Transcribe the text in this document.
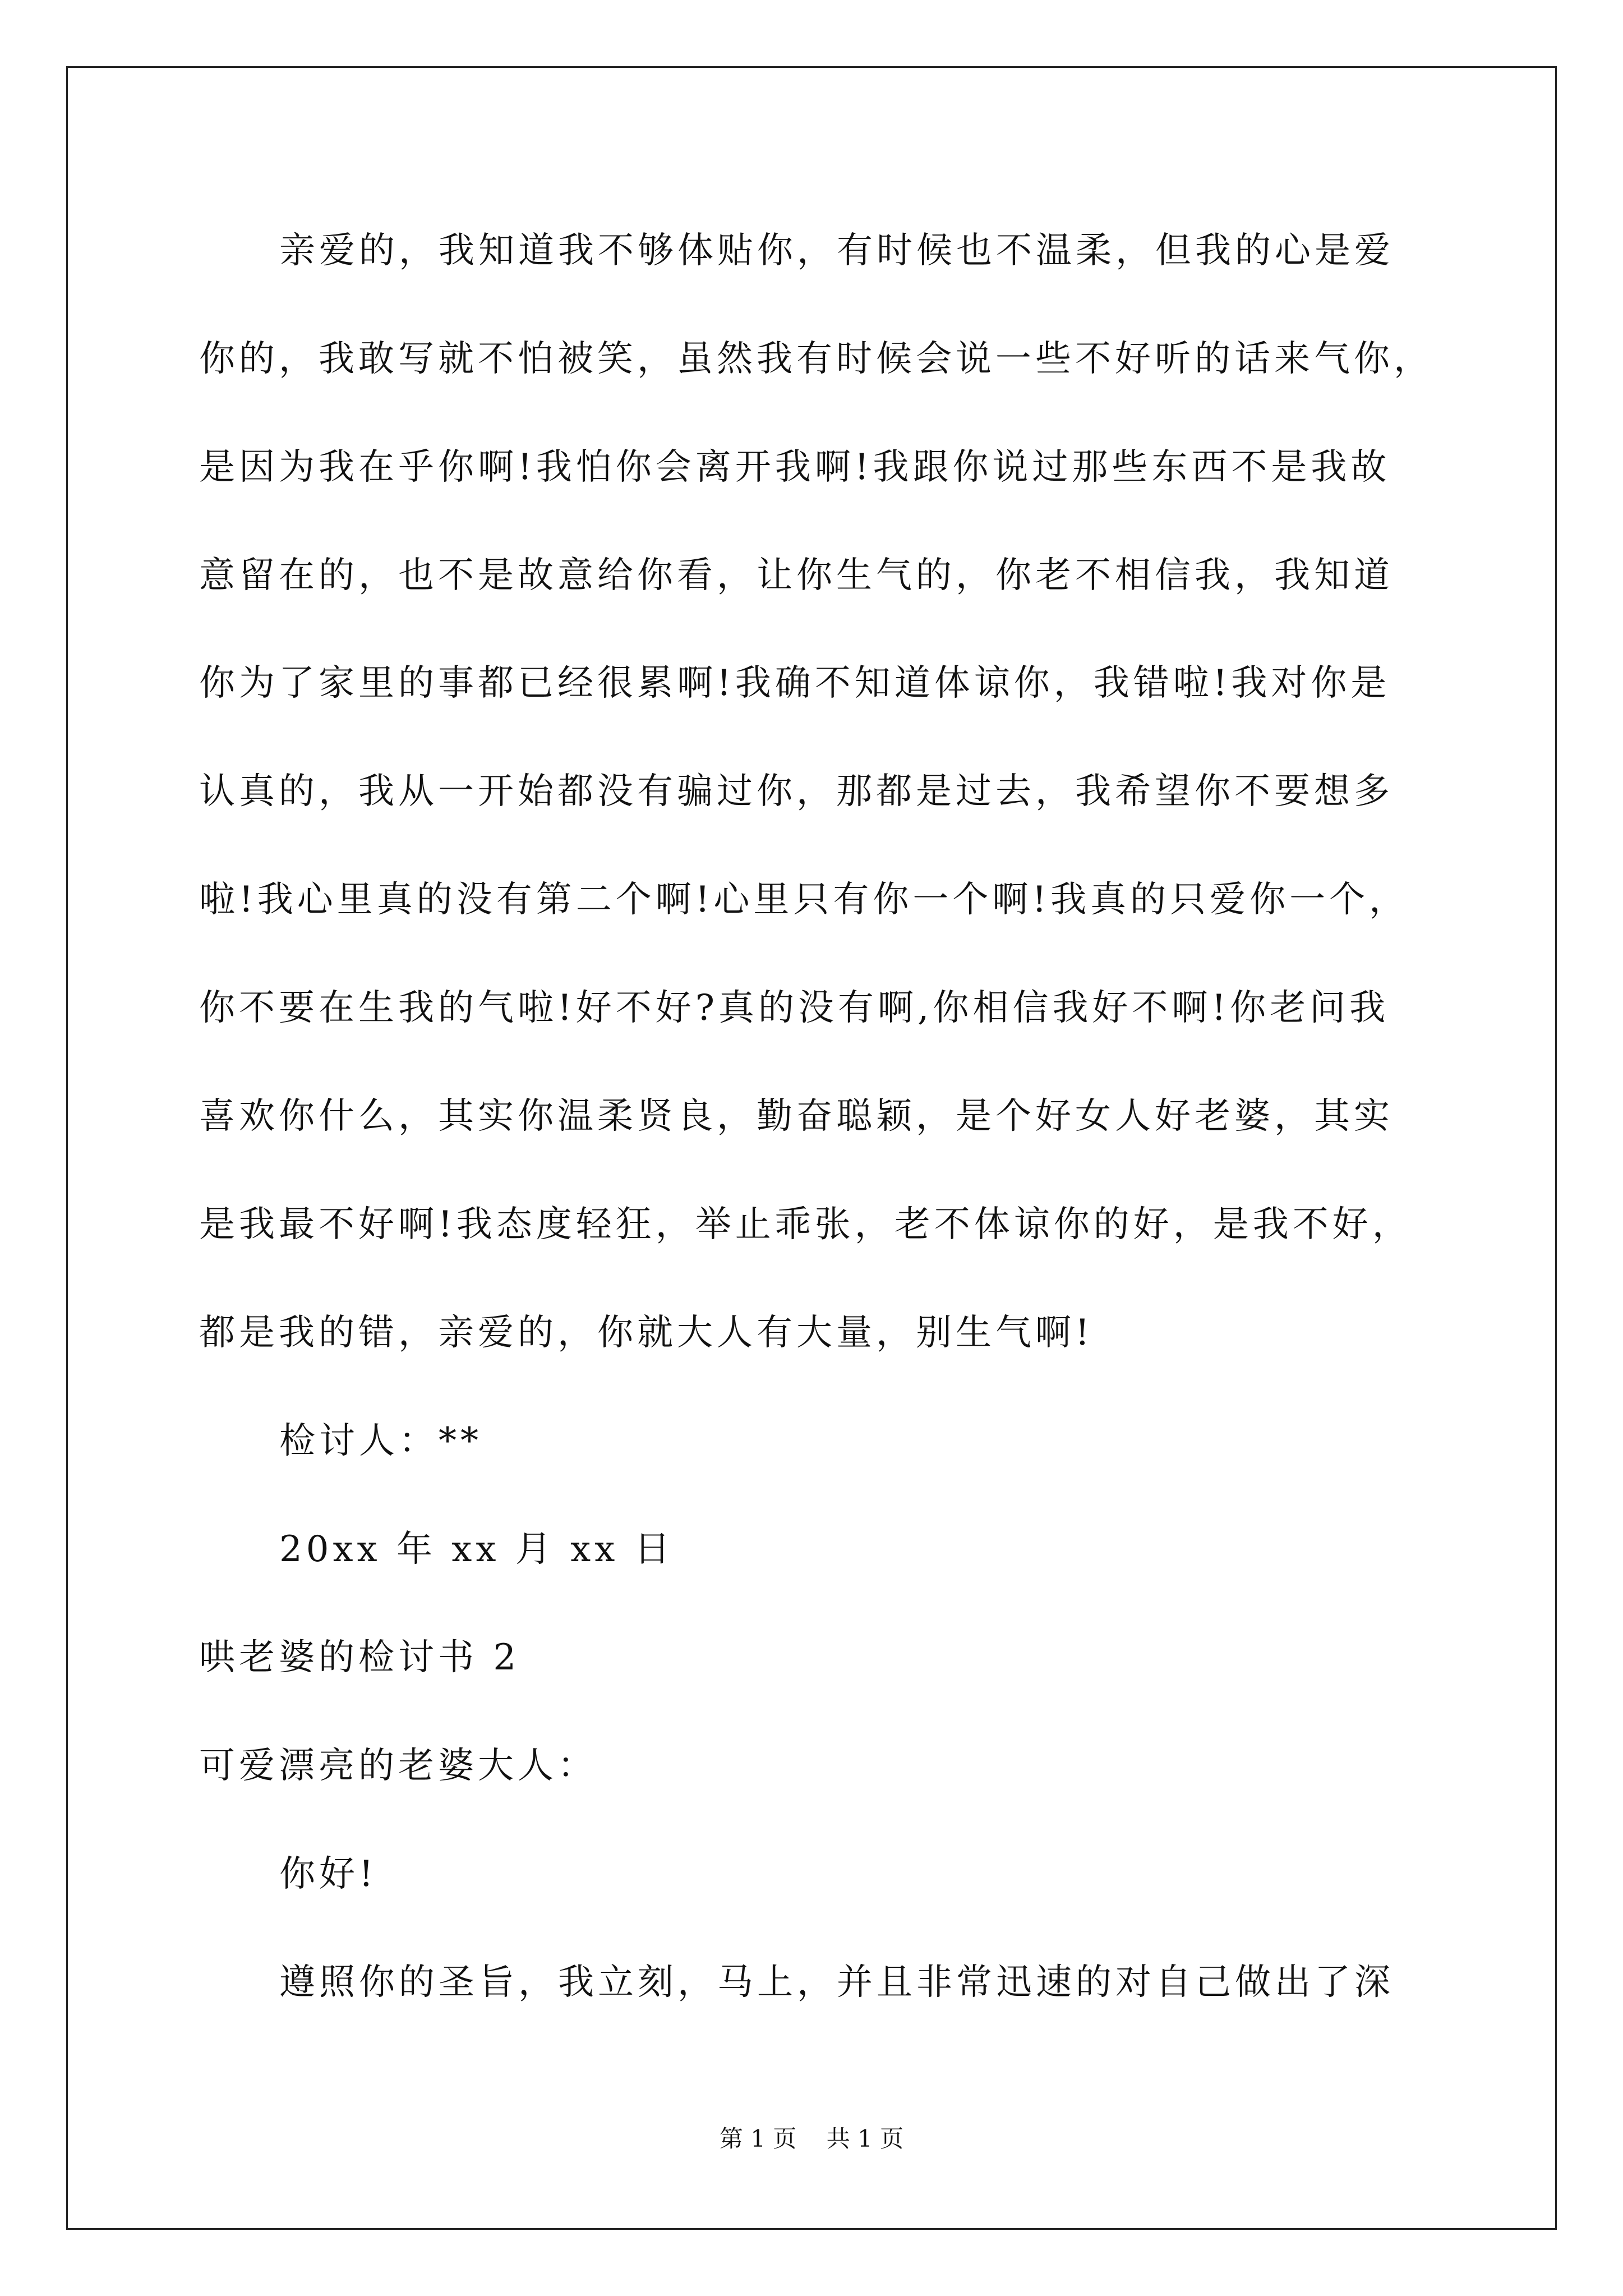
亲爱的，我知道我不够体贴你，有时候也不温柔，但我的心是爱
你的，我敢写就不怕被笑，虽然我有时候会说一些不好听的话来气你，
是因为我在乎你啊!我怕你会离开我啊!我跟你说过那些东西不是我故
意留在的，也不是故意给你看，让你生气的，你老不相信我，我知道
你为了家里的事都已经很累啊!我确不知道体谅你，我错啦!我对你是
认真的，我从一开始都没有骗过你，那都是过去，我希望你不要想多
啦!我心里真的没有第二个啊!心里只有你一个啊!我真的只爱你一个，
你不要在生我的气啦!好不好?真的没有啊,你相信我好不啊!你老问我
喜欢你什么，其实你温柔贤良，勤奋聪颖，是个好女人好老婆，其实
是我最不好啊!我态度轻狂，举止乖张，老不体谅你的好，是我不好，
都是我的错，亲爱的，你就大人有大量，别生气啊!
检讨人：**
20xx 年 xx 月 xx 日
哄老婆的检讨书 2
可爱漂亮的老婆大人：
你好!
遵照你的圣旨，我立刻，马上，并且非常迅速的对自己做出了深
第 1 页    共 1 页
